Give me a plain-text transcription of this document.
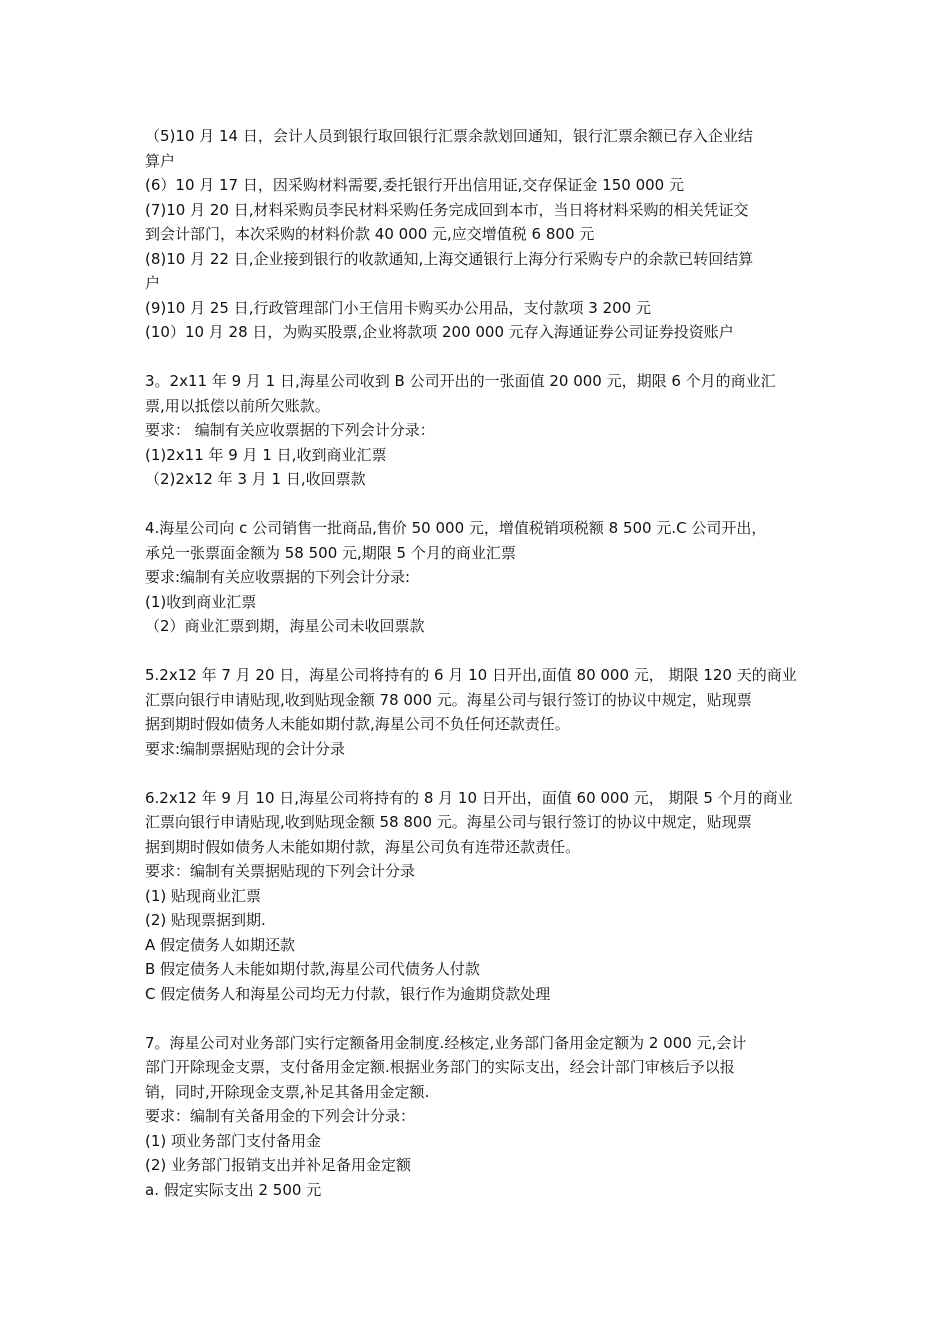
（5)10 月 14 日，会计人员到银行取回银行汇票余款划回通知，银行汇票余额已存入企业结

算户

(6）10 月 17 日，因采购材料需要,委托银行开出信用证,交存保证金 150 000 元

(7)10 月 20 日,材料采购员李民材料采购任务完成回到本市，当日将材料采购的相关凭证交

到会计部门，本次采购的材料价款 40 000 元,应交增值税 6 800 元

(8)10 月 22 日,企业接到银行的收款通知,上海交通银行上海分行采购专户的余款已转回结算

户

(9)10 月 25 日,行政管理部门小王信用卡购买办公用品，支付款项 3 200 元

(10）10 月 28 日，为购买股票,企业将款项 200 000 元存入海通证券公司证券投资账户

3。2x11 年 9 月 1 日,海星公司收到 B 公司开出的一张面值 20 000 元，期限 6 个月的商业汇

票,用以抵偿以前所欠账款。

要求： 编制有关应收票据的下列会计分录：

(1)2x11 年 9 月 1 日,收到商业汇票

（2)2x12 年 3 月 1 日,收回票款

4.海星公司向 c 公司销售一批商品,售价 50 000 元，增值税销项税额 8 500 元.C 公司开出，

承兑一张票面金额为 58 500 元,期限 5 个月的商业汇票

要求:编制有关应收票据的下列会计分录:

(1)收到商业汇票

（2）商业汇票到期，海星公司未收回票款

5.2x12 年 7 月 20 日，海星公司将持有的 6 月 10 日开出,面值 80 000 元， 期限 120 天的商业

汇票向银行申请贴现,收到贴现金额 78 000 元。海星公司与银行签订的协议中规定，贴现票

据到期时假如债务人未能如期付款,海星公司不负任何还款责任。

要求:编制票据贴现的会计分录

6.2x12 年 9 月 10 日,海星公司将持有的 8 月 10 日开出，面值 60 000 元， 期限 5 个月的商业

汇票向银行申请贴现,收到贴现金额 58 800 元。海星公司与银行签订的协议中规定，贴现票

据到期时假如债务人未能如期付款，海星公司负有连带还款责任。

要求：编制有关票据贴现的下列会计分录

(1) 贴现商业汇票

(2) 贴现票据到期.

A 假定债务人如期还款

B 假定债务人未能如期付款,海星公司代债务人付款

C 假定债务人和海星公司均无力付款，银行作为逾期贷款处理

7。海星公司对业务部门实行定额备用金制度.经核定,业务部门备用金定额为 2 000 元,会计

部门开除现金支票，支付备用金定额.根据业务部门的实际支出，经会计部门审核后予以报

销，同时,开除现金支票,补足其备用金定额.

要求：编制有关备用金的下列会计分录：

(1) 项业务部门支付备用金

(2) 业务部门报销支出并补足备用金定额

a. 假定实际支出 2 500 元
